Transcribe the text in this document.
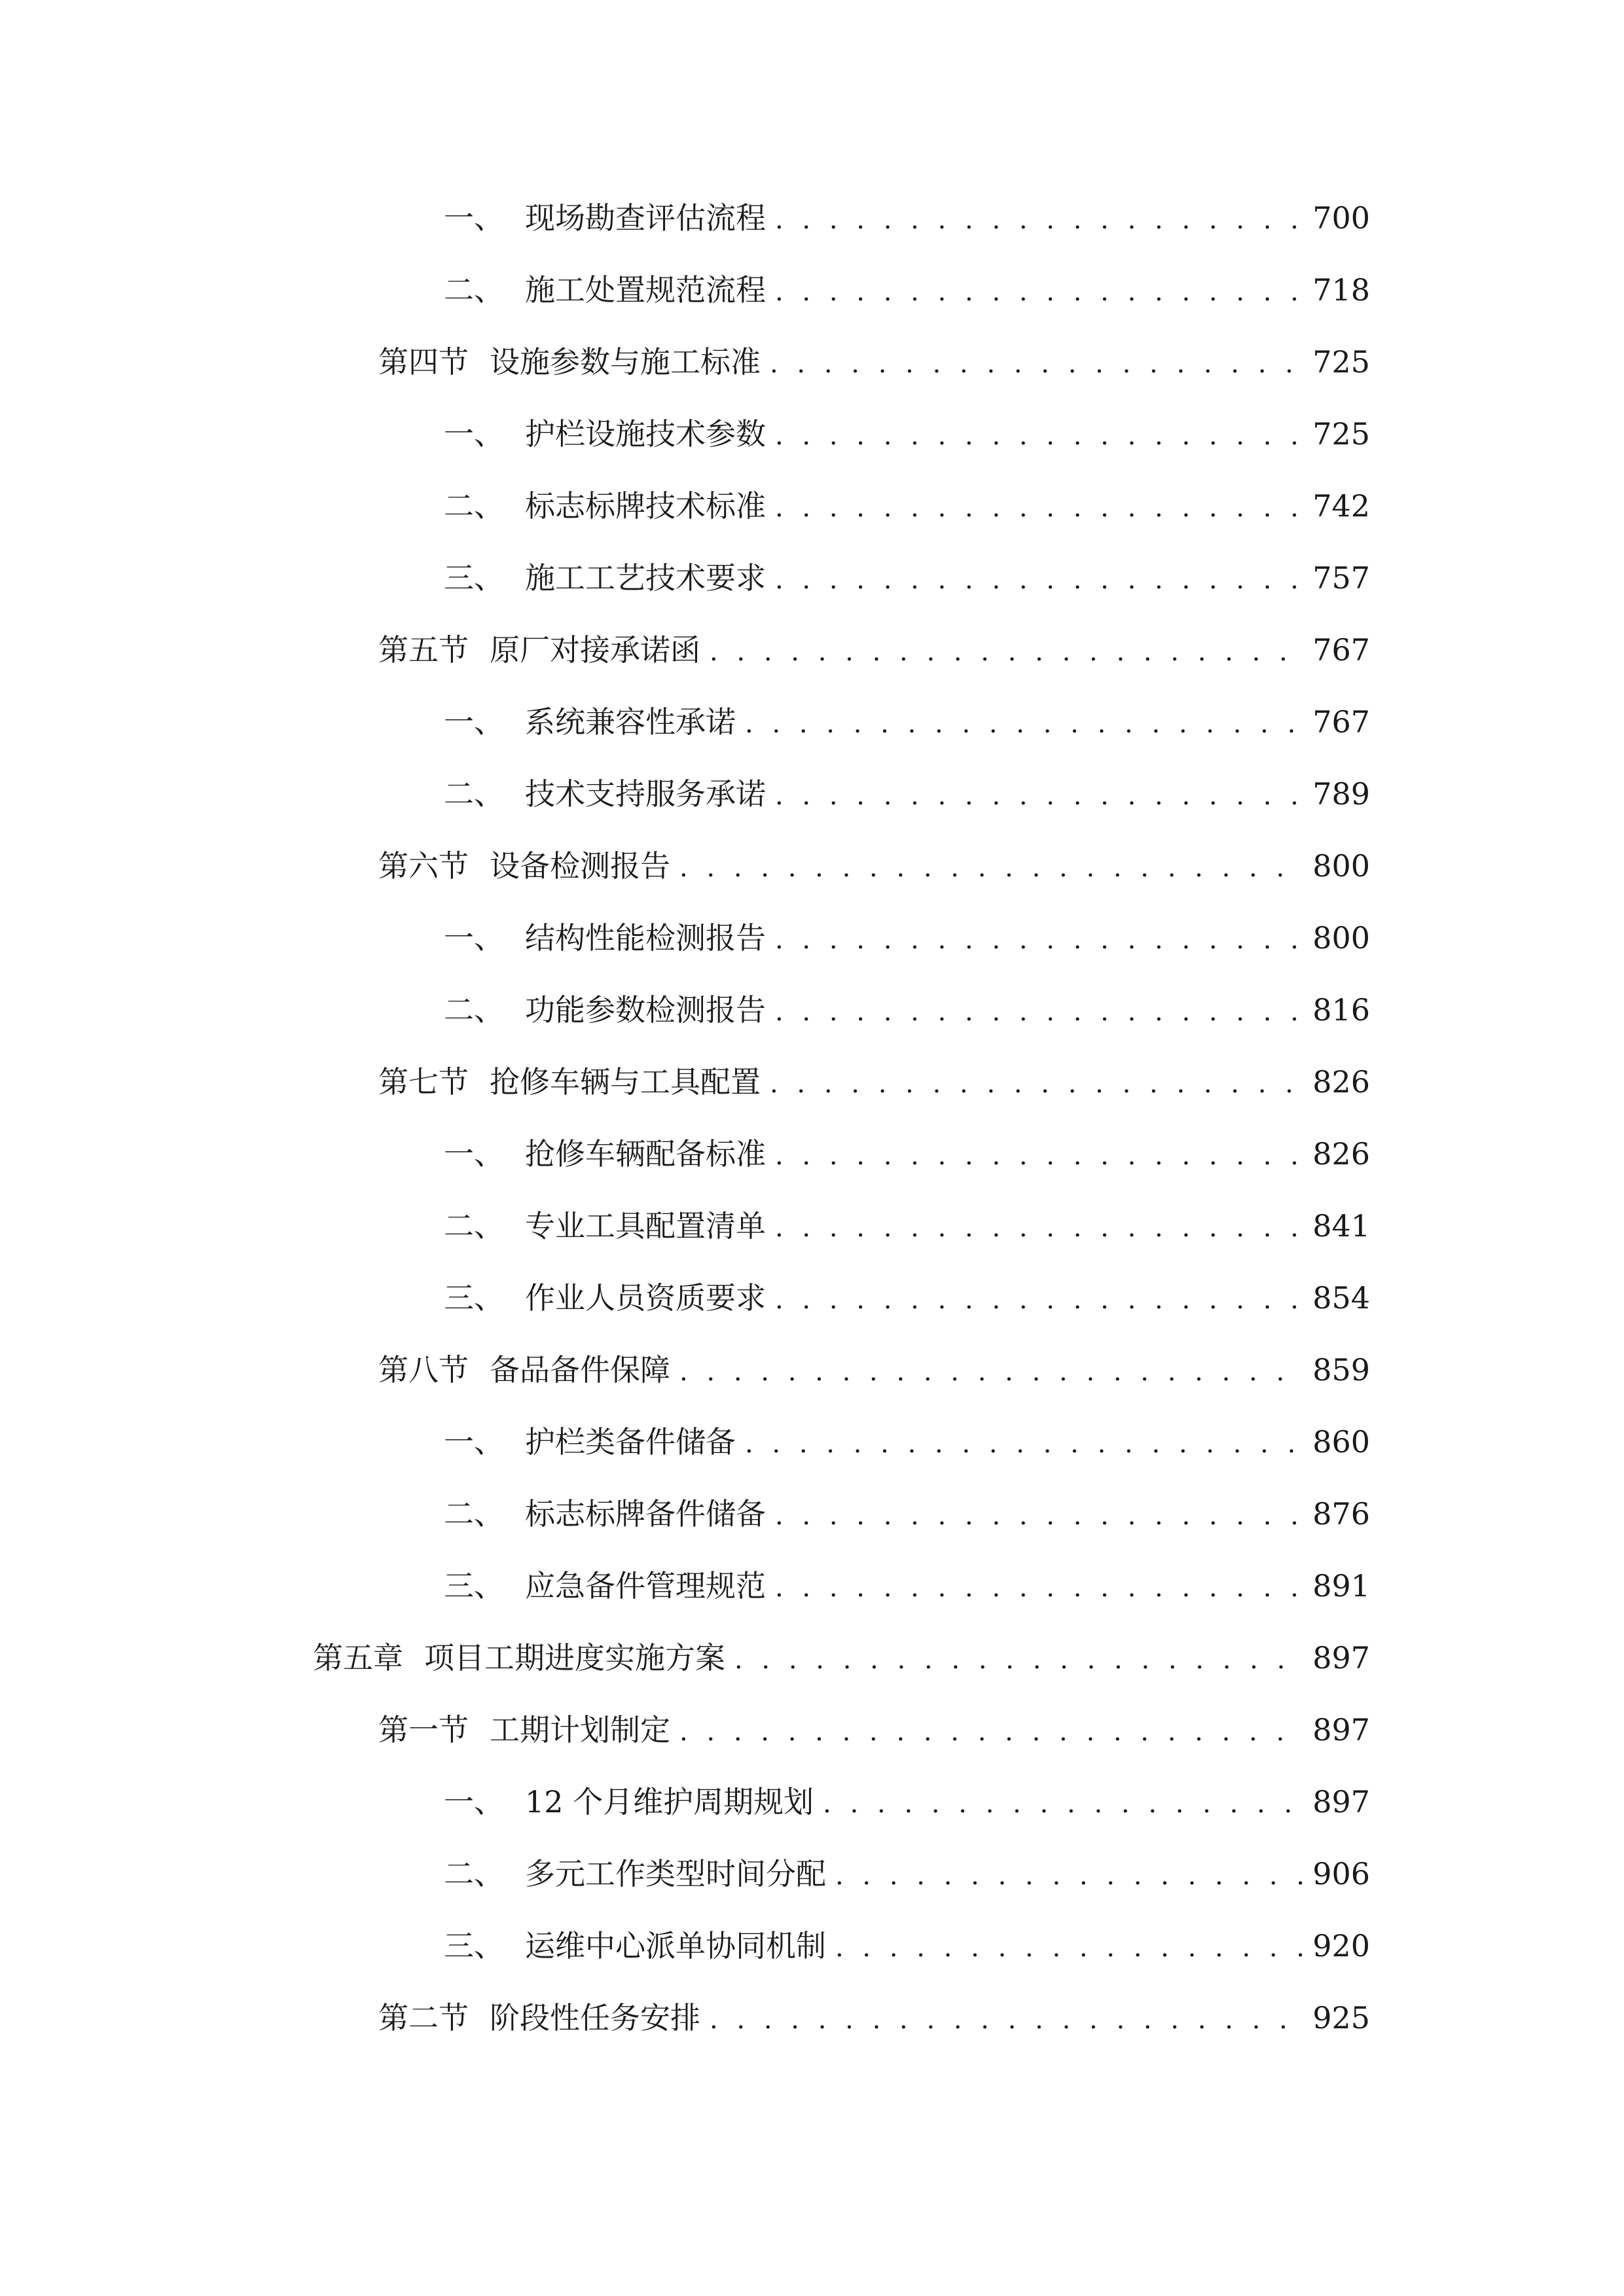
一、 现场勘查评估流程 . . .	700
二、 施工处置规范流程 . . .	718
第四节 设施参数与施工标准 . . .	725
一、 护栏设施技术参数 . . .	725
二、 标志标牌技术标准 . . .	742
三、 施工工艺技术要求 . . .	757
第五节 原厂对接承诺函 . . .	767
一、 系统兼容性承诺 . . .	767
二、 技术支持服务承诺 . . .	789
第六节 设备检测报告 . . .	800
一、 结构性能检测报告 . . .	800
二、 功能参数检测报告 . . .	816
第七节 抢修车辆与工具配置 . . .	826
一、 抢修车辆配备标准 . . .	826
二、 专业工具配置清单 . . .	841
三、 作业人员资质要求 . . .	854
第八节 备品备件保障 . . .	859
一、 护栏类备件储备 . . .	860
二、 标志标牌备件储备 . . .	876
三、 应急备件管理规范 . . .	891
第五章 项目工期进度实施方案 . . .	897
第一节 工期计划制定 . . .	897
一、 12 个月维护周期规划 . . .	897
二、 多元工作类型时间分配 . . .	906
三、 运维中心派单协同机制 . . .	920
第二节 阶段性任务安排 . . .	925
